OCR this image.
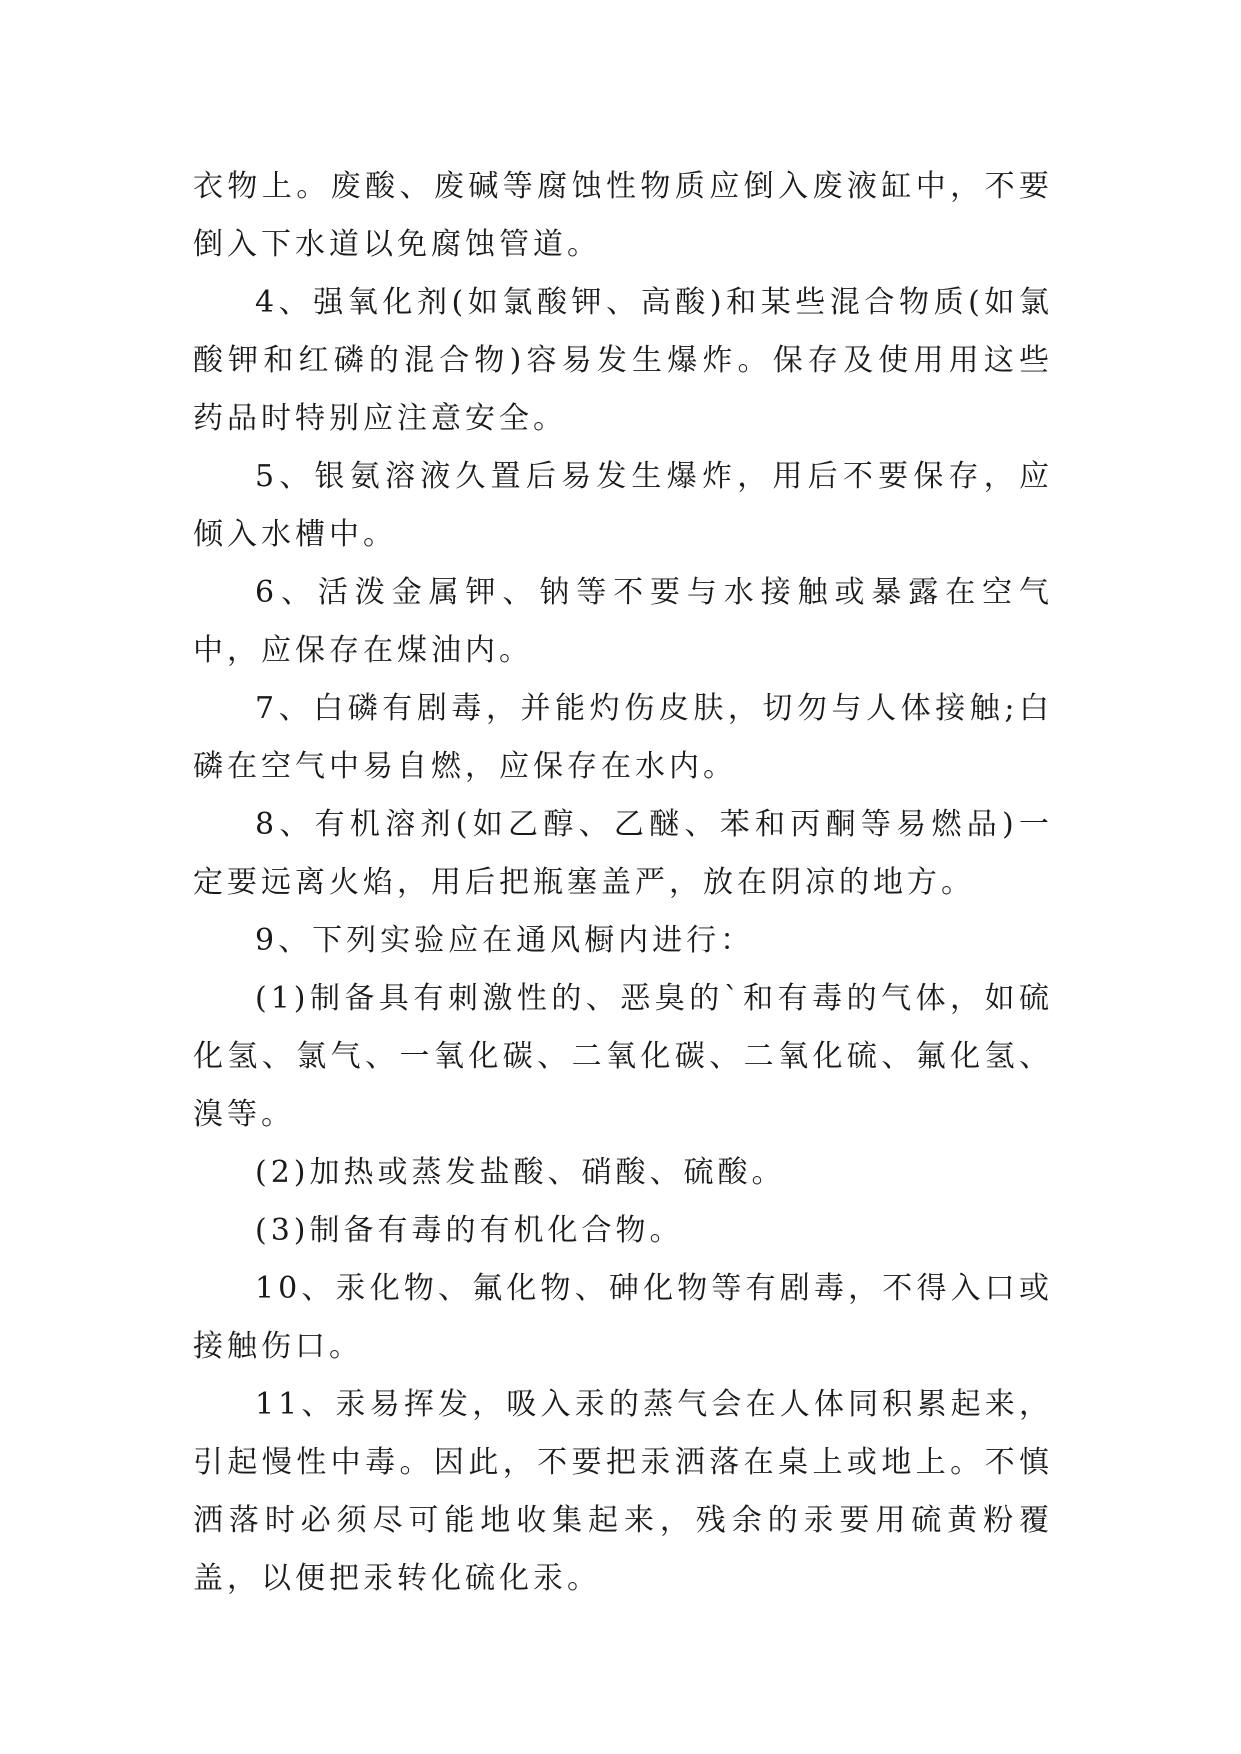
衣物上。废酸、废碱等腐蚀性物质应倒入废液缸中，不要倒入下水道以免腐蚀管道。

4、强氧化剂(如氯酸钾、高酸)和某些混合物质(如氯酸钾和红磷的混合物)容易发生爆炸。保存及使用用这些药品时特别应注意安全。

5、银氨溶液久置后易发生爆炸，用后不要保存，应倾入水槽中。

6、活泼金属钾、钠等不要与水接触或暴露在空气中，应保存在煤油内。

7、白磷有剧毒，并能灼伤皮肤，切勿与人体接触;白磷在空气中易自燃，应保存在水内。

8、有机溶剂(如乙醇、乙醚、苯和丙酮等易燃品)一定要远离火焰，用后把瓶塞盖严，放在阴凉的地方。

9、下列实验应在通风橱内进行：

(1)制备具有刺激性的、恶臭的`和有毒的气体，如硫化氢、氯气、一氧化碳、二氧化碳、二氧化硫、氟化氢、溴等。

(2)加热或蒸发盐酸、硝酸、硫酸。

(3)制备有毒的有机化合物。

10、汞化物、氟化物、砷化物等有剧毒，不得入口或接触伤口。

11、汞易挥发，吸入汞的蒸气会在人体同积累起来，引起慢性中毒。因此，不要把汞洒落在桌上或地上。不慎洒落时必须尽可能地收集起来，残余的汞要用硫黄粉覆盖，以便把汞转化硫化汞。
